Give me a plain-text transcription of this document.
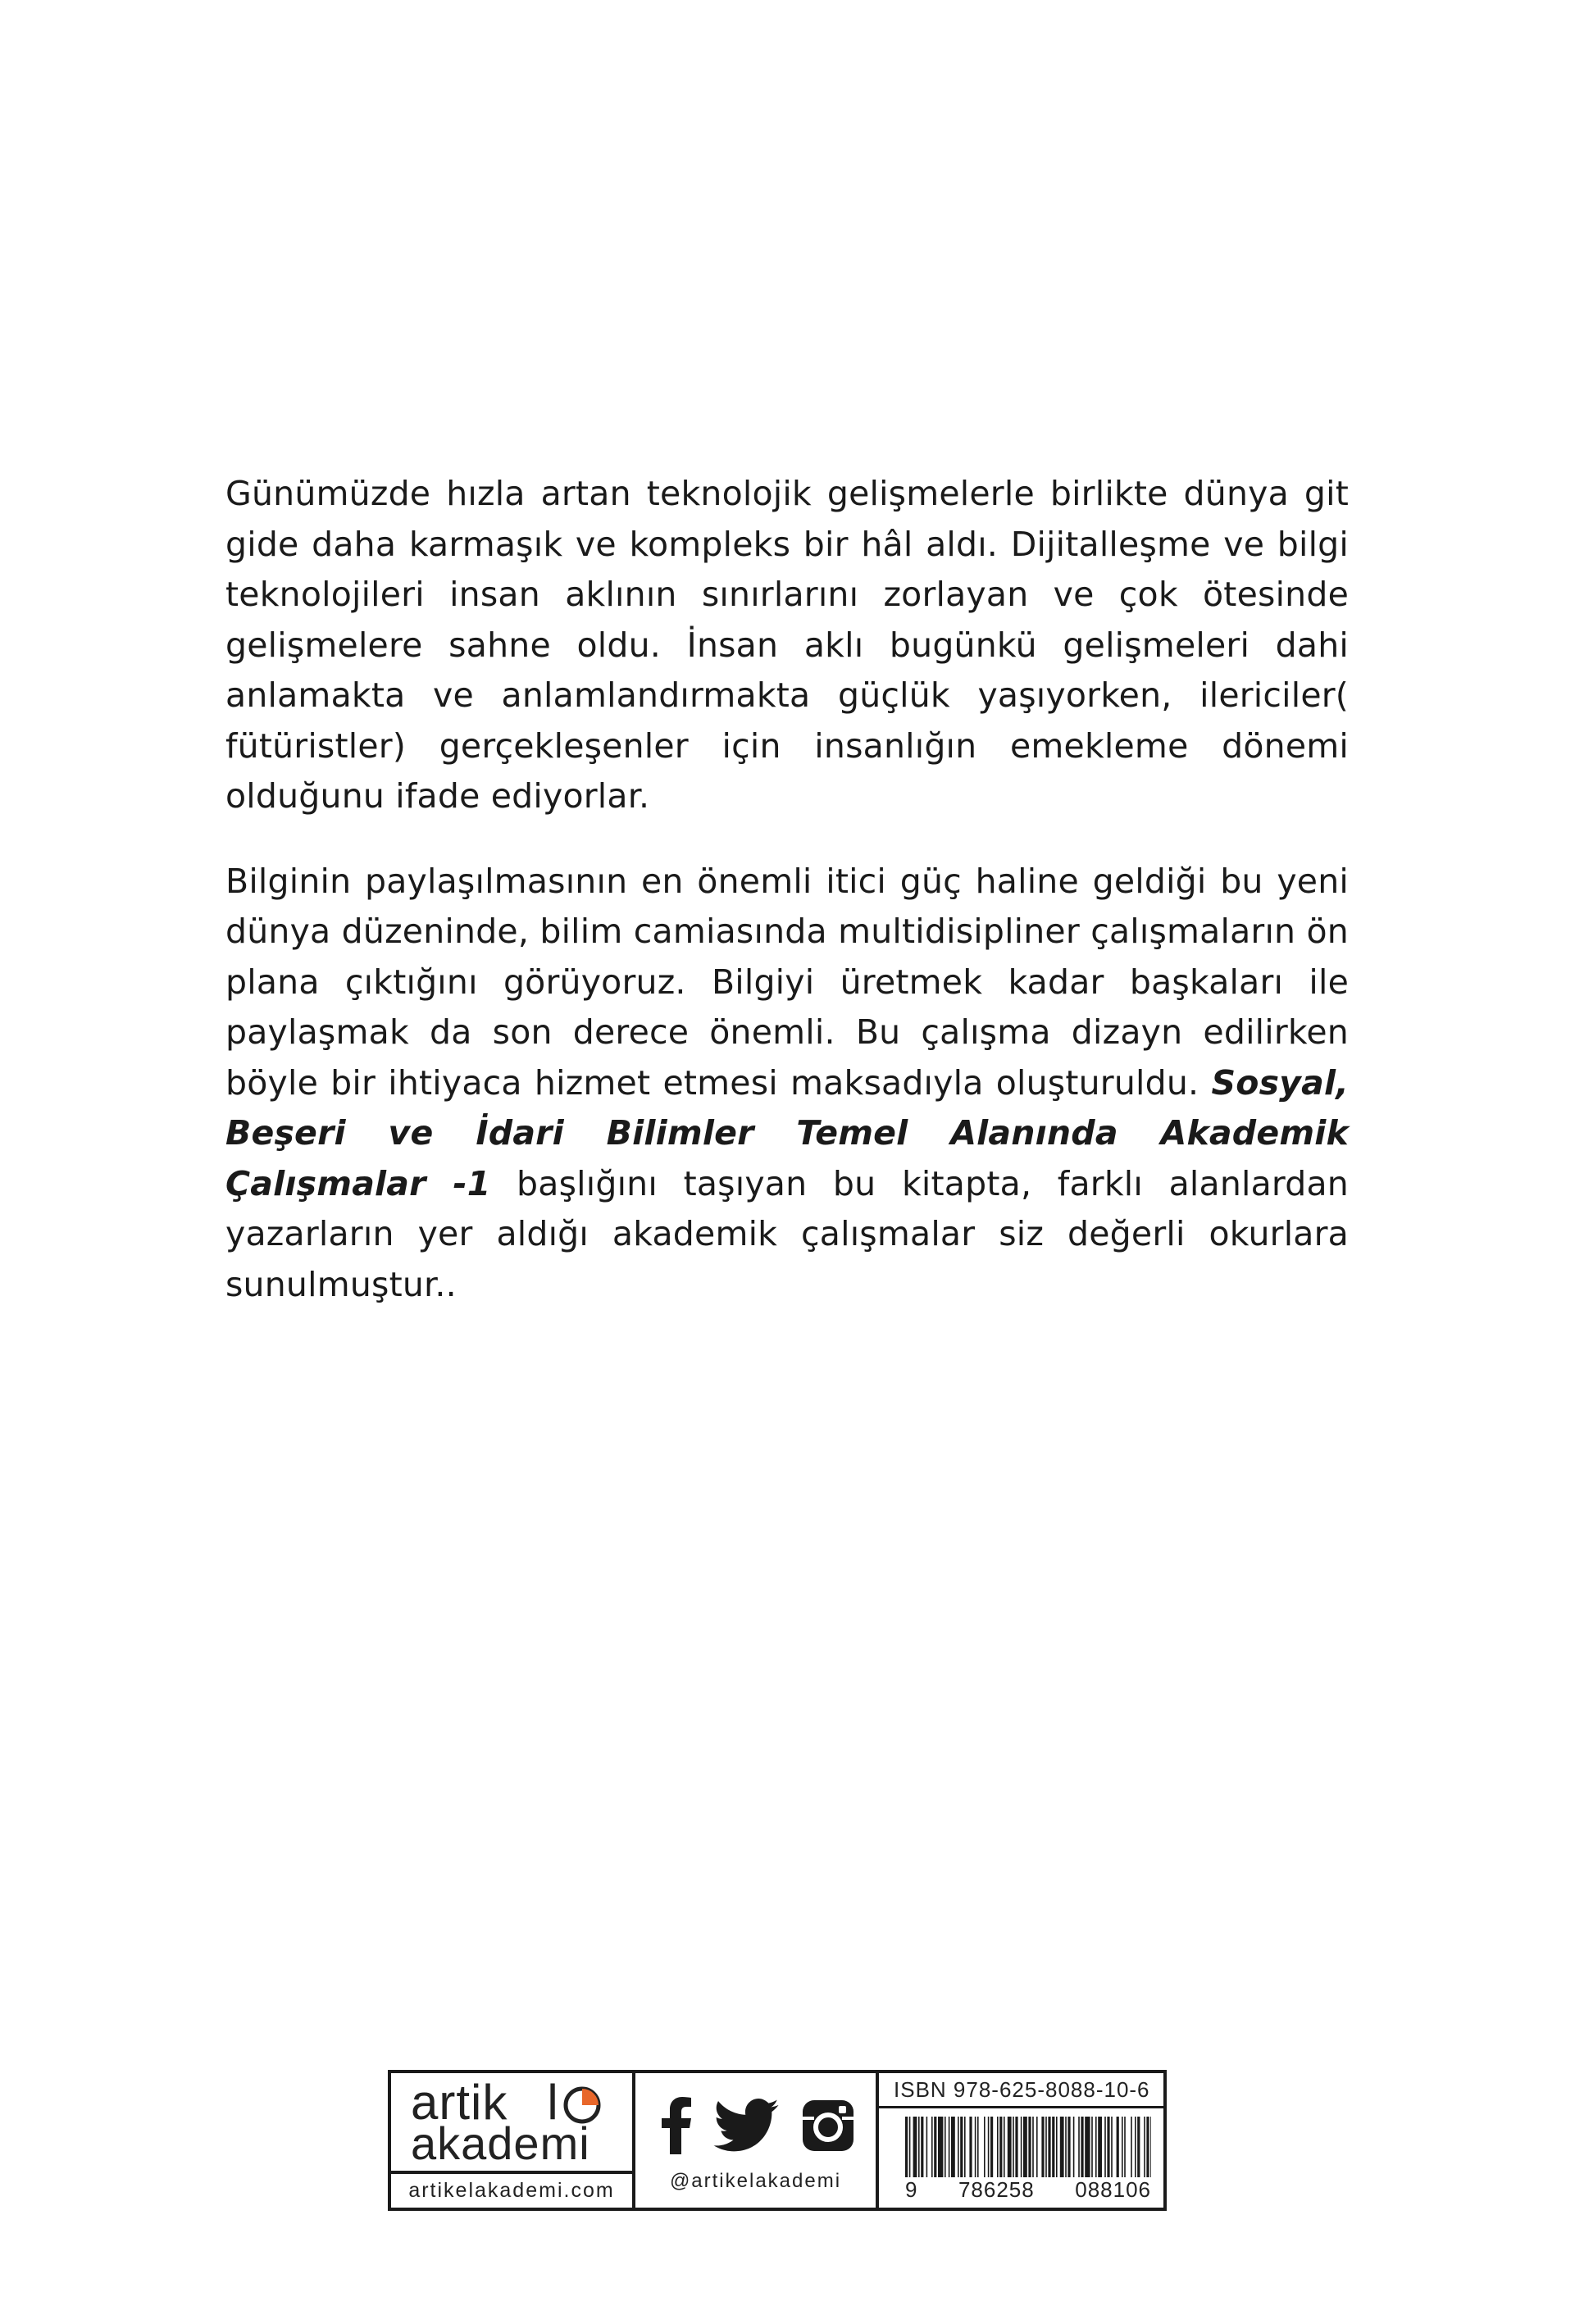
Günümüzde hızla artan teknolojik gelişmelerle birlikte dünya git gide daha karmaşık ve kompleks bir hâl aldı. Dijitalleşme ve bilgi teknolojileri insan aklının sınırlarını zorlayan ve çok ötesinde gelişmelere sahne oldu. İnsan aklı bugünkü gelişmeleri dahi anlamakta ve anlamlandırmakta güçlük yaşıyorken, ilericiler( fütüristler) gerçekleşenler için insanlığın emekleme dönemi olduğunu ifade ediyorlar.

Bilginin paylaşılmasının en önemli itici güç haline geldiği bu yeni dünya düzeninde, bilim camiasında multidisipliner çalışmaların ön plana çıktığını görüyoruz. Bilgiyi üretmek kadar başkaları ile paylaşmak da son derece önemli. Bu çalışma dizayn edilirken böyle bir ihtiyaca hizmet etmesi maksadıyla oluşturuldu. Sosyal, Beşeri ve İdari Bilimler Temel Alanında Akademik Çalışmalar -1 başlığını taşıyan bu kitapta, farklı alanlardan yazarların yer aldığı akademik çalışmalar siz değerli okurlara sunulmuştur..

artik l
akademi
artikelakademi.com	@artikelakademi
ISBN 978-625-8088-10-6
9 786258 088106
